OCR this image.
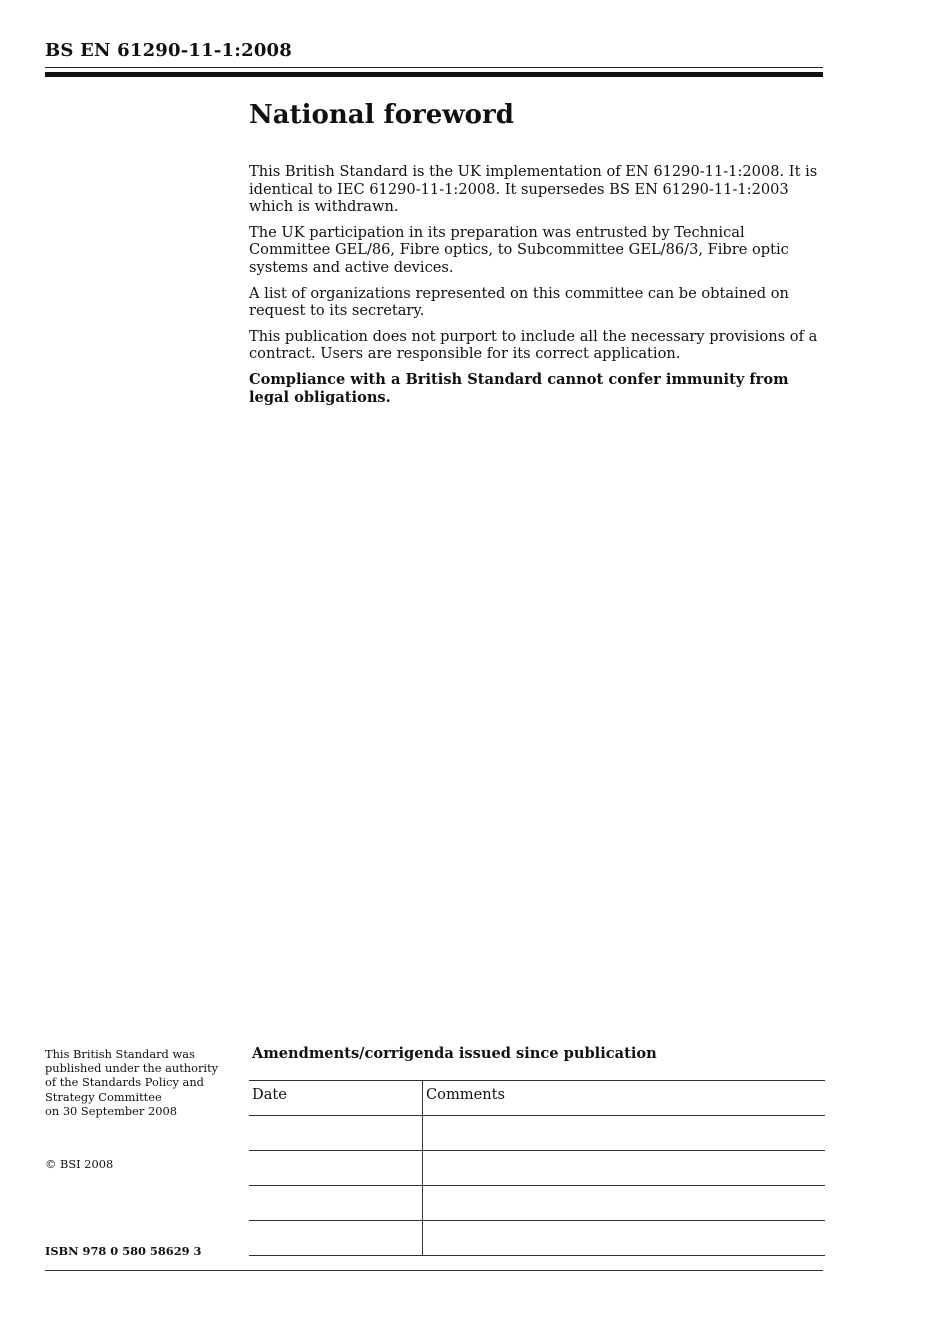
BS EN 61290-11-1:2008

National foreword

This British Standard is the UK implementation of EN 61290-11-1:2008. It is identical to IEC 61290-11-1:2008. It supersedes BS EN 61290-11-1:2003 which is withdrawn.

The UK participation in its preparation was entrusted by Technical Committee GEL/86, Fibre optics, to Subcommittee GEL/86/3, Fibre optic systems and active devices.

A list of organizations represented on this committee can be obtained on request to its secretary.

This publication does not purport to include all the necessary provisions of a contract. Users are responsible for its correct application.

Compliance with a British Standard cannot confer immunity from legal obligations.

This British Standard was
published under the authority
of the Standards Policy and
Strategy Committee
on 30 September 2008

© BSI 2008

ISBN 978 0 580 58629 3

Amendments/corrigenda issued since publication

Date	Comments
